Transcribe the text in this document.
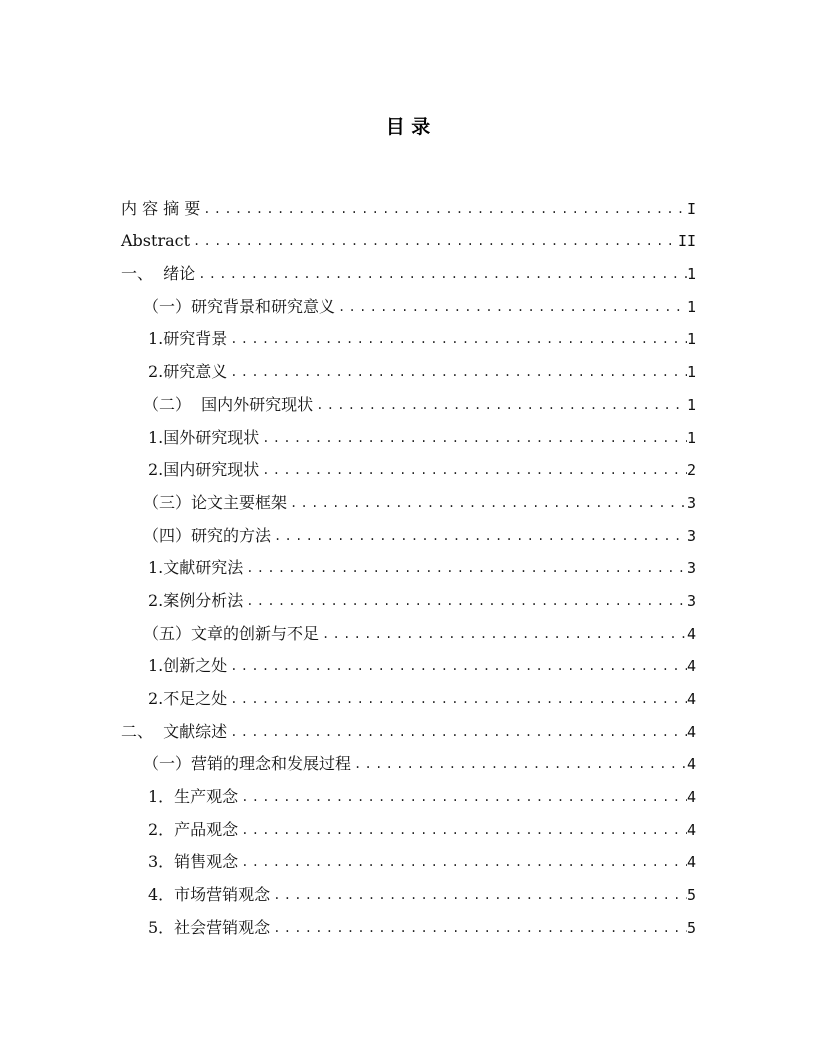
目 录
内 容 摘 要 .....	I
Abstract .....	II
一、  绪论 .....	1
（一）研究背景和研究意义 .....	1
1.研究背景 .....	1
2.研究意义 .....	1
（二）  国内外研究现状 .....	1
1.国外研究现状 .....	1
2.国内研究现状 .....	2
（三）论文主要框架 .....	3
（四）研究的方法 .....	3
1.文献研究法 .....	3
2.案例分析法 .....	3
（五）文章的创新与不足 .....	4
1.创新之处 .....	4
2.不足之处 .....	4
二、  文献综述 .....	4
（一）营销的理念和发展过程 .....	4
1．生产观念 .....	4
2．产品观念 .....	4
3．销售观念 .....	4
4．市场营销观念 .....	5
5．社会营销观念 .....	5
